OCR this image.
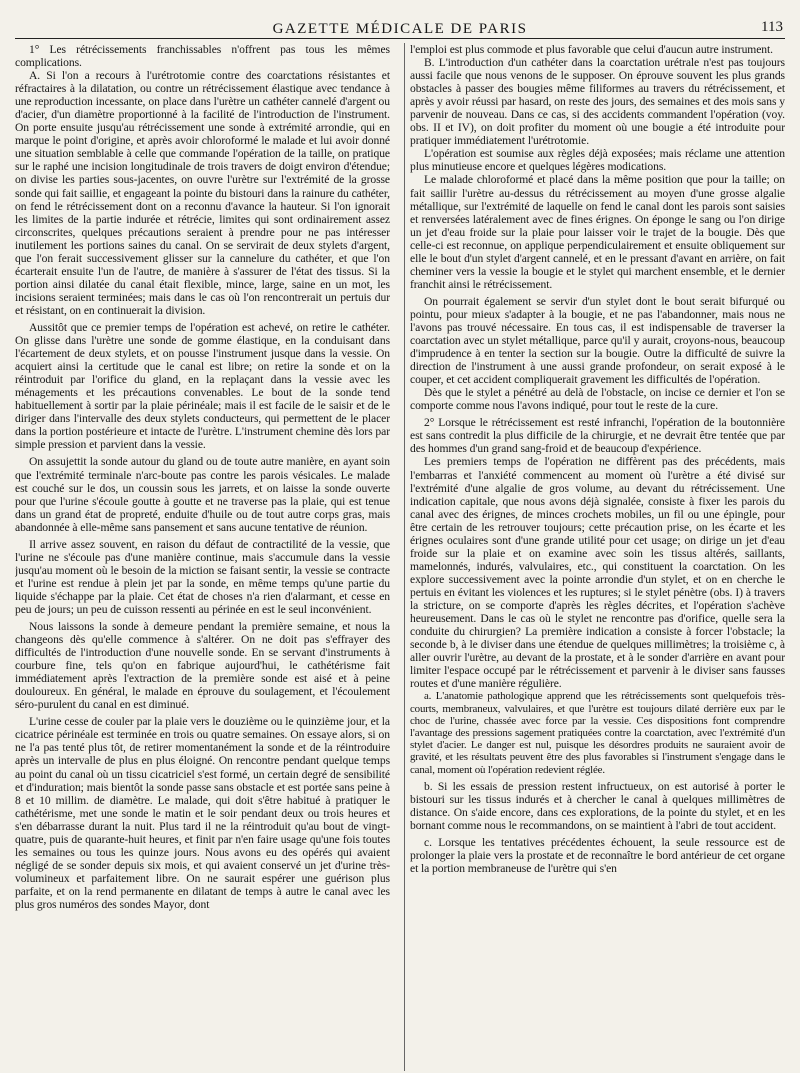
GAZETTE MÉDICALE DE PARIS	113

1° Les rétrécissements franchissables n'offrent pas tous les mêmes complications.

A. Si l'on a recours à l'urétrotomie contre des coarctations résistantes et réfractaires à la dilatation, ou contre un rétrécissement élastique avec tendance à une reproduction incessante, on place dans l'urètre un cathéter cannelé d'argent ou d'acier, d'un diamètre proportionné à la facilité de l'introduction de l'instrument. On porte ensuite jusqu'au rétrécissement une sonde à extrémité arrondie, qui en marque le point d'origine, et après avoir chloroformé le malade et lui avoir donné une situation semblable à celle que commande l'opération de la taille, on pratique sur le raphé une incision longitudinale de trois travers de doigt environ d'étendue; on divise les parties sous-jacentes, on ouvre l'urètre sur l'extrémité de la grosse sonde qui fait saillie, et engageant la pointe du bistouri dans la rainure du cathéter, on fend le rétrécissement dont on a reconnu d'avance la hauteur. Si l'on ignorait les limites de la partie indurée et rétrécie, limites qui sont ordinairement assez circonscrites, quelques précautions seraient à prendre pour ne pas intéresser inutilement les portions saines du canal. On se servirait de deux stylets d'argent, que l'on ferait successivement glisser sur la cannelure du cathéter, et que l'on écarterait ensuite l'un de l'autre, de manière à s'assurer de l'état des tissus. Si la portion ainsi dilatée du canal était flexible, mince, large, saine en un mot, les incisions seraient terminées; mais dans le cas où l'on rencontrerait un pertuis dur et résistant, on en continuerait la division.

Aussitôt que ce premier temps de l'opération est achevé, on retire le cathéter. On glisse dans l'urètre une sonde de gomme élastique, en la conduisant dans l'écartement de deux stylets, et on pousse l'instrument jusque dans la vessie. On acquiert ainsi la certitude que le canal est libre; on retire la sonde et on la réintroduit par l'orifice du gland, en la replaçant dans la vessie avec les ménagements et les précautions convenables. Le bout de la sonde tend habituellement à sortir par la plaie périnéale; mais il est facile de le saisir et de le diriger dans l'intervalle des deux stylets conducteurs, qui permettent de le placer dans la portion postérieure et intacte de l'urètre. L'instrument chemine dès lors par simple pression et parvient dans la vessie.

On assujettit la sonde autour du gland ou de toute autre manière, en ayant soin que l'extrémité terminale n'arc-boute pas contre les parois vésicales. Le malade est couché sur le dos, un coussin sous les jarrets, et on laisse la sonde ouverte pour que l'urine s'écoule goutte à goutte et ne traverse pas la plaie, qui est tenue dans un grand état de propreté, enduite d'huile ou de tout autre corps gras, mais abandonnée à elle-même sans pansement et sans aucune tentative de réunion.

Il arrive assez souvent, en raison du défaut de contractilité de la vessie, que l'urine ne s'écoule pas d'une manière continue, mais s'accumule dans la vessie jusqu'au moment où le besoin de la miction se faisant sentir, la vessie se contracte et l'urine est rendue à plein jet par la sonde, en même temps qu'une partie du liquide s'échappe par la plaie. Cet état de choses n'a rien d'alarmant, et cesse en peu de jours; un peu de cuisson ressenti au périnée en est le seul inconvénient.

Nous laissons la sonde à demeure pendant la première semaine, et nous la changeons dès qu'elle commence à s'altérer. On ne doit pas s'effrayer des difficultés de l'introduction d'une nouvelle sonde. En se servant d'instruments à courbure fine, tels qu'on en fabrique aujourd'hui, le cathétérisme fait immédiatement après l'extraction de la première sonde est aisé et à peine douloureux. En général, le malade en éprouve du soulagement, et l'écoulement séro-purulent du canal en est diminué.

L'urine cesse de couler par la plaie vers le douzième ou le quinzième jour, et la cicatrice périnéale est terminée en trois ou quatre semaines. On essaye alors, si on ne l'a pas tenté plus tôt, de retirer momentanément la sonde et de la réintroduire après un intervalle de plus en plus éloigné. On rencontre pendant quelque temps au point du canal où un tissu cicatriciel s'est formé, un certain degré de sensibilité et d'induration; mais bientôt la sonde passe sans obstacle et est portée sans peine à 8 et 10 millim. de diamètre. Le malade, qui doit s'être habitué à pratiquer le cathétérisme, met une sonde le matin et le soir pendant deux ou trois heures et s'en débarrasse durant la nuit. Plus tard il ne la réintroduit qu'au bout de vingt-quatre, puis de quarante-huit heures, et finit par n'en faire usage qu'une fois toutes les semaines ou tous les quinze jours. Nous avons eu des opérés qui avaient négligé de se sonder depuis six mois, et qui avaient conservé un jet d'urine très-volumineux et parfaitement libre. On ne saurait espérer une guérison plus parfaite, et on la rend permanente en dilatant de temps à autre le canal avec les plus gros numéros des sondes Mayor, dont

l'emploi est plus commode et plus favorable que celui d'aucun autre instrument.

B. L'introduction d'un cathéter dans la coarctation urétrale n'est pas toujours aussi facile que nous venons de le supposer. On éprouve souvent les plus grands obstacles à passer des bougies même filiformes au travers du rétrécissement, et après y avoir réussi par hasard, on reste des jours, des semaines et des mois sans y parvenir de nouveau. Dans ce cas, si des accidents commandent l'opération (voy. obs. II et IV), on doit profiter du moment où une bougie a été introduite pour pratiquer immédiatement l'urétrotomie.

L'opération est soumise aux règles déjà exposées; mais réclame une attention plus minutieuse encore et quelques légères modications.

Le malade chloroformé et placé dans la même position que pour la taille; on fait saillir l'urètre au-dessus du rétrécissement au moyen d'une grosse algalie métallique, sur l'extrémité de laquelle on fend le canal dont les parois sont saisies et renversées latéralement avec de fines érignes. On éponge le sang ou l'on dirige un jet d'eau froide sur la plaie pour laisser voir le trajet de la bougie. Dès que celle-ci est reconnue, on applique perpendiculairement et ensuite obliquement sur elle le bout d'un stylet d'argent cannelé, et en le pressant d'avant en arrière, on fait cheminer vers la vessie la bougie et le stylet qui marchent ensemble, et le dernier franchit ainsi le rétrécissement.

On pourrait également se servir d'un stylet dont le bout serait bifurqué ou pointu, pour mieux s'adapter à la bougie, et ne pas l'abandonner, mais nous ne l'avons pas trouvé nécessaire. En tous cas, il est indispensable de traverser la coarctation avec un stylet métallique, parce qu'il y aurait, croyons-nous, beaucoup d'imprudence à en tenter la section sur la bougie. Outre la difficulté de suivre la direction de l'instrument à une aussi grande profondeur, on serait exposé à le couper, et cet accident compliquerait gravement les difficultés de l'opération.

Dès que le stylet a pénétré au delà de l'obstacle, on incise ce dernier et l'on se comporte comme nous l'avons indiqué, pour tout le reste de la cure.

2° Lorsque le rétrécissement est resté infranchi, l'opération de la boutonnière est sans contredit la plus difficile de la chirurgie, et ne devrait être tentée que par des hommes d'un grand sang-froid et de beaucoup d'expérience.

Les premiers temps de l'opération ne diffèrent pas des précédents, mais l'embarras et l'anxiété commencent au moment où l'urètre a été divisé sur l'extrémité d'une algalie de gros volume, au devant du rétrécissement. Une indication capitale, que nous avons déjà signalée, consiste à fixer les parois du canal avec des érignes, de minces crochets mobiles, un fil ou une épingle, pour être certain de les retrouver toujours; cette précaution prise, on les écarte et les érignes oculaires sont d'une grande utilité pour cet usage; on dirige un jet d'eau froide sur la plaie et on examine avec soin les tissus altérés, saillants, mamelonnés, indurés, valvulaires, etc., qui constituent la coarctation. On les explore successivement avec la pointe arrondie d'un stylet, et on en cherche le pertuis en évitant les violences et les ruptures; si le stylet pénètre (obs. I) à travers la stricture, on se comporte d'après les règles décrites, et l'opération s'achève heureusement. Dans le cas où le stylet ne rencontre pas d'orifice, quelle sera la conduite du chirurgien? La première indication a consiste à forcer l'obstacle; la seconde b, à le diviser dans une étendue de quelques millimètres; la troisième c, à aller ouvrir l'urètre, au devant de la prostate, et à le sonder d'arrière en avant pour limiter l'espace occupé par le rétrécissement et parvenir à le diviser sans fausses routes et d'une manière régulière.

a. L'anatomie pathologique apprend que les rétrécissements sont quelquefois très-courts, membraneux, valvulaires, et que l'urètre est toujours dilaté derrière eux par le choc de l'urine, chassée avec force par la vessie. Ces dispositions font comprendre l'avantage des pressions sagement pratiquées contre la coarctation, avec l'extrémité d'un stylet d'acier. Le danger est nul, puisque les désordres produits ne sauraient avoir de gravité, et les résultats peuvent être des plus favorables si l'instrument s'engage dans le canal, moment où l'opération redevient réglée.

b. Si les essais de pression restent infructueux, on est autorisé à porter le bistouri sur les tissus indurés et à chercher le canal à quelques millimètres de distance. On s'aide encore, dans ces explorations, de la pointe du stylet, et en les bornant comme nous le recommandons, on se maintient à l'abri de tout accident.

c. Lorsque les tentatives précédentes échouent, la seule ressource est de prolonger la plaie vers la prostate et de reconnaître le bord antérieur de cet organe et la portion membraneuse de l'urètre qui s'en
